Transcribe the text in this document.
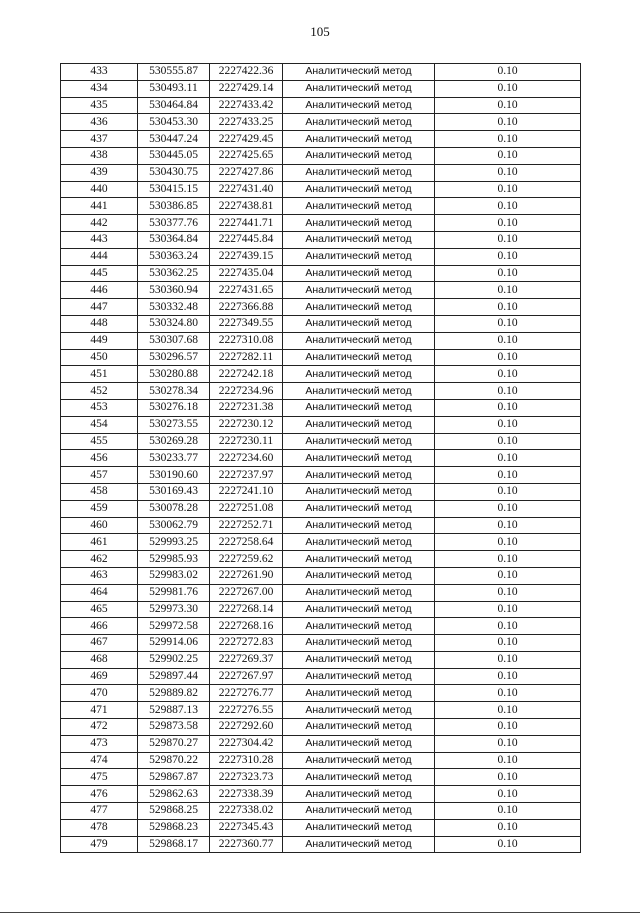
105
433	530555.87	2227422.36	Аналитический метод	0.10
434	530493.11	2227429.14	Аналитический метод	0.10
435	530464.84	2227433.42	Аналитический метод	0.10
436	530453.30	2227433.25	Аналитический метод	0.10
437	530447.24	2227429.45	Аналитический метод	0.10
438	530445.05	2227425.65	Аналитический метод	0.10
439	530430.75	2227427.86	Аналитический метод	0.10
440	530415.15	2227431.40	Аналитический метод	0.10
441	530386.85	2227438.81	Аналитический метод	0.10
442	530377.76	2227441.71	Аналитический метод	0.10
443	530364.84	2227445.84	Аналитический метод	0.10
444	530363.24	2227439.15	Аналитический метод	0.10
445	530362.25	2227435.04	Аналитический метод	0.10
446	530360.94	2227431.65	Аналитический метод	0.10
447	530332.48	2227366.88	Аналитический метод	0.10
448	530324.80	2227349.55	Аналитический метод	0.10
449	530307.68	2227310.08	Аналитический метод	0.10
450	530296.57	2227282.11	Аналитический метод	0.10
451	530280.88	2227242.18	Аналитический метод	0.10
452	530278.34	2227234.96	Аналитический метод	0.10
453	530276.18	2227231.38	Аналитический метод	0.10
454	530273.55	2227230.12	Аналитический метод	0.10
455	530269.28	2227230.11	Аналитический метод	0.10
456	530233.77	2227234.60	Аналитический метод	0.10
457	530190.60	2227237.97	Аналитический метод	0.10
458	530169.43	2227241.10	Аналитический метод	0.10
459	530078.28	2227251.08	Аналитический метод	0.10
460	530062.79	2227252.71	Аналитический метод	0.10
461	529993.25	2227258.64	Аналитический метод	0.10
462	529985.93	2227259.62	Аналитический метод	0.10
463	529983.02	2227261.90	Аналитический метод	0.10
464	529981.76	2227267.00	Аналитический метод	0.10
465	529973.30	2227268.14	Аналитический метод	0.10
466	529972.58	2227268.16	Аналитический метод	0.10
467	529914.06	2227272.83	Аналитический метод	0.10
468	529902.25	2227269.37	Аналитический метод	0.10
469	529897.44	2227267.97	Аналитический метод	0.10
470	529889.82	2227276.77	Аналитический метод	0.10
471	529887.13	2227276.55	Аналитический метод	0.10
472	529873.58	2227292.60	Аналитический метод	0.10
473	529870.27	2227304.42	Аналитический метод	0.10
474	529870.22	2227310.28	Аналитический метод	0.10
475	529867.87	2227323.73	Аналитический метод	0.10
476	529862.63	2227338.39	Аналитический метод	0.10
477	529868.25	2227338.02	Аналитический метод	0.10
478	529868.23	2227345.43	Аналитический метод	0.10
479	529868.17	2227360.77	Аналитический метод	0.10
